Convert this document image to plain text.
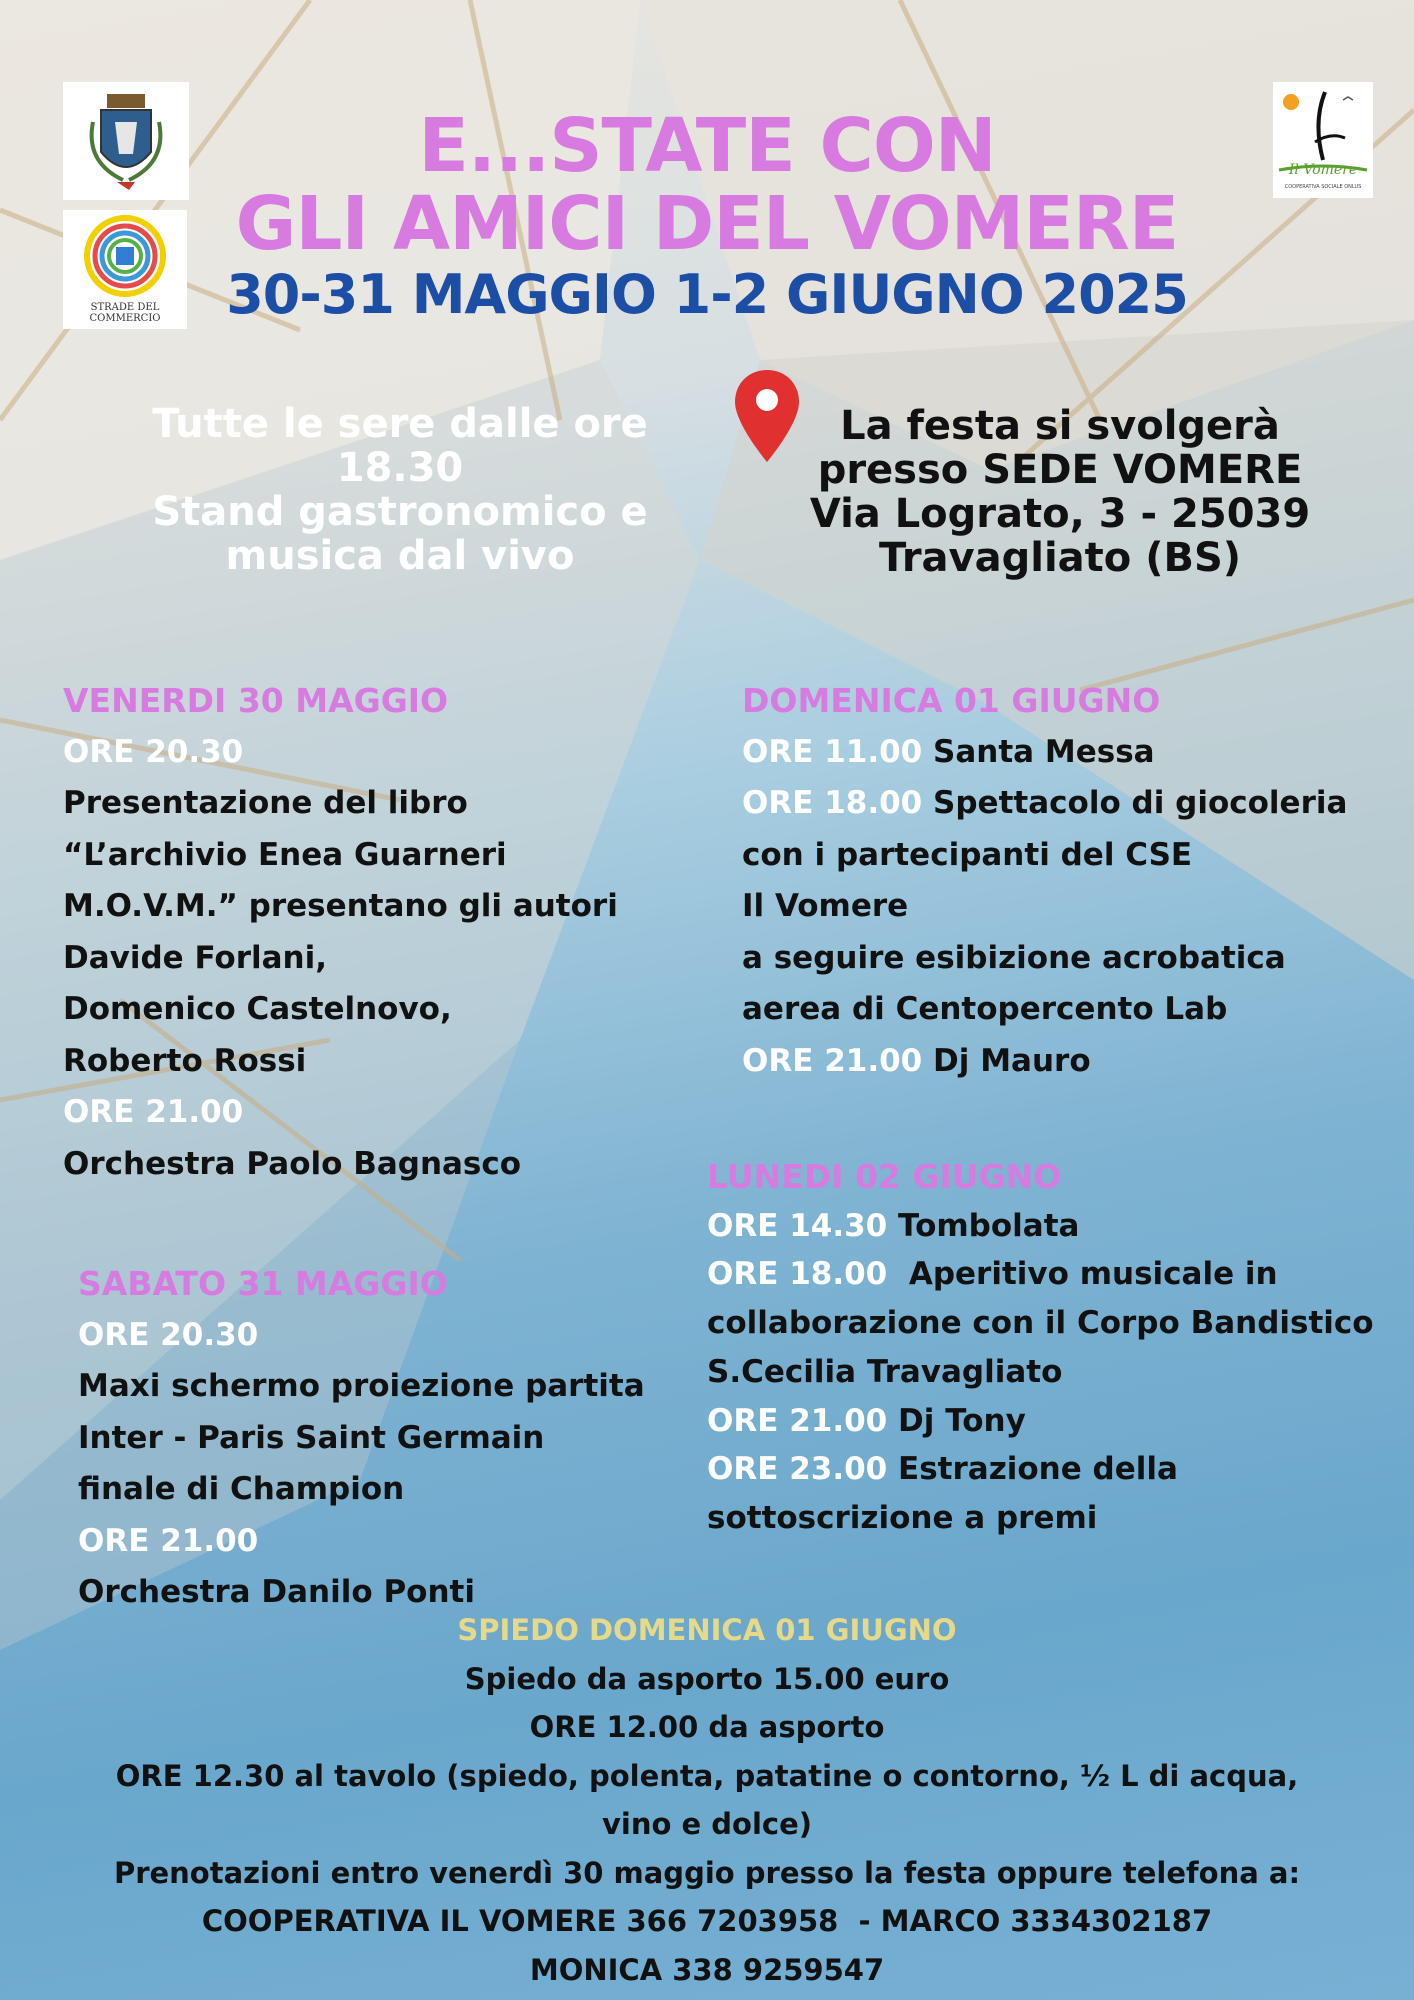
STRADE DEL
COMMERCIO
Il Vomere
COOPERATIVA SOCIALE ONLUS
E...STATE CON
GLI AMICI DEL VOMERE
30-31 MAGGIO 1-2 GIUGNO 2025
Tutte le sere dalle ore
18.30
Stand gastronomico e
musica dal vivo
La festa si svolgerà
presso SEDE VOMERE
Via Lograto, 3 - 25039
Travagliato (BS)
VENERDI 30 MAGGIO
ORE 20.30
Presentazione del libro
“L’archivio Enea Guarneri
M.O.V.M.” presentano gli autori
Davide Forlani,
Domenico Castelnovo,
Roberto Rossi
ORE 21.00
Orchestra Paolo Bagnasco
SABATO 31 MAGGIO
ORE 20.30
Maxi schermo proiezione partita
Inter - Paris Saint Germain
finale di Champion
ORE 21.00
Orchestra Danilo Ponti
DOMENICA 01 GIUGNO
ORE 11.00 Santa Messa
ORE 18.00 Spettacolo di giocoleria
con i partecipanti del CSE
Il Vomere
a seguire esibizione acrobatica
aerea di Centopercento Lab
ORE 21.00 Dj Mauro
LUNEDI 02 GIUGNO
ORE 14.30 Tombolata
ORE 18.00  Aperitivo musicale in
collaborazione con il Corpo Bandistico
S.Cecilia Travagliato
ORE 21.00 Dj Tony
ORE 23.00 Estrazione della
sottoscrizione a premi
SPIEDO DOMENICA 01 GIUGNO
Spiedo da asporto 15.00 euro
ORE 12.00 da asporto
ORE 12.30 al tavolo (spiedo, polenta, patatine o contorno, ½ L di acqua,
vino e dolce)
Prenotazioni entro venerdì 30 maggio presso la festa oppure telefona a:
COOPERATIVA IL VOMERE 366 7203958  - MARCO 3334302187
MONICA 338 9259547
